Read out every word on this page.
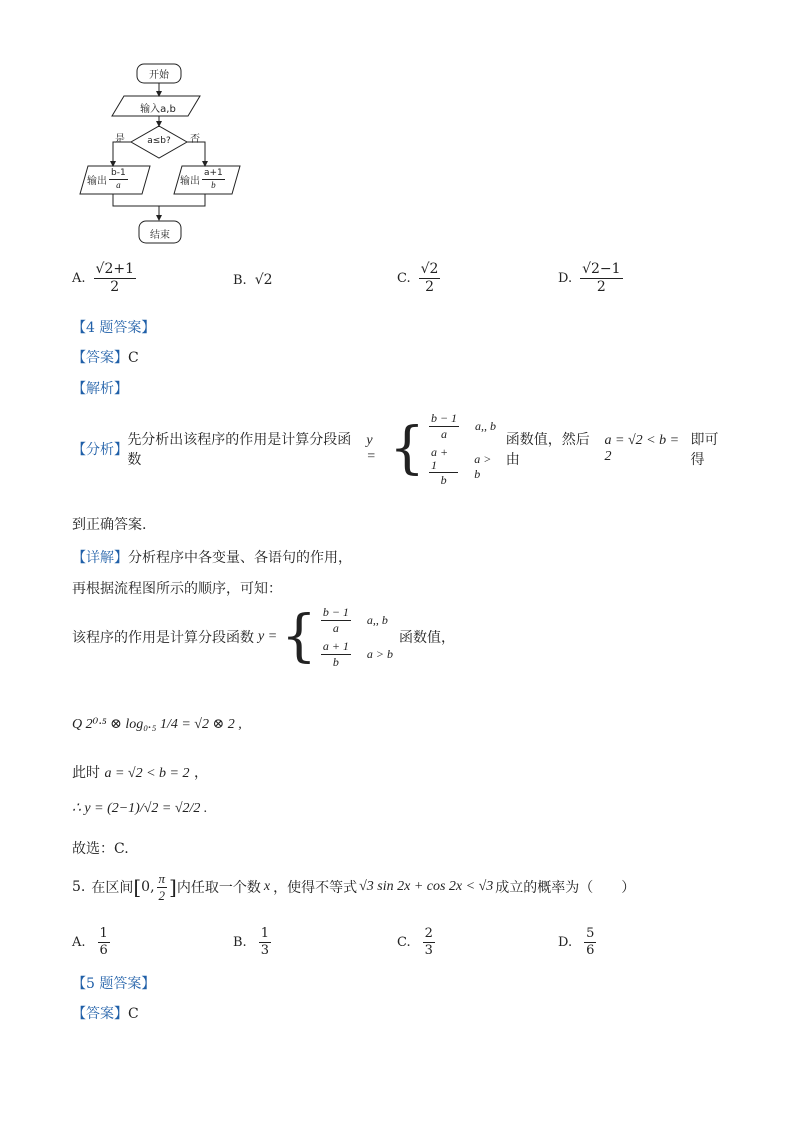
开始
输入a,b
a≤b?
是	否
输出 $\frac{b-1}{a}$	输出 $\frac{a+1}{b}$
结束
A. $\frac{√2+1}{2}$	B. √2	C. $\frac{√2}{2}$	D. $\frac{√2-1}{2}$
【4 题答案】
【答案】C
【解析】
【分析】
先分析出该程序的作用是计算分段函数
y = { $\frac{b - 1}{a} a$,, b
$\frac{a + 1}{b}$ a > b
函数值，然后由
a = √2 < b = 2
即可得
到正确答案.
【详解】分析程序中各变量、各语句的作用，
再根据流程图所示的顺序，可知：
该程序的作用是计算分段函数 y = { $\frac{b - 1}{a} a$,, b
$\frac{a + 1}{b}$ a > b
函数值，
Q 2⁰·⁵ ⊗ log₀.₅ 1/4 = √2 ⊗ 2 ,
此时 a = √2 < b = 2 ，
∴ y = (2−1)/√2 = √2/2 .
故选：C.
5. 在区间 [ 0, $\frac{\pi}{2}$ ] 内任取一个数 x ，使得不等式 √3 sin 2x + cos 2x < √3 成立的概率为（　　）
A. $\frac{1}{6}$	B. $\frac{1}{3}$	C. $\frac{2}{3}$	D. $\frac{5}{6}$
【5 题答案】
【答案】C
